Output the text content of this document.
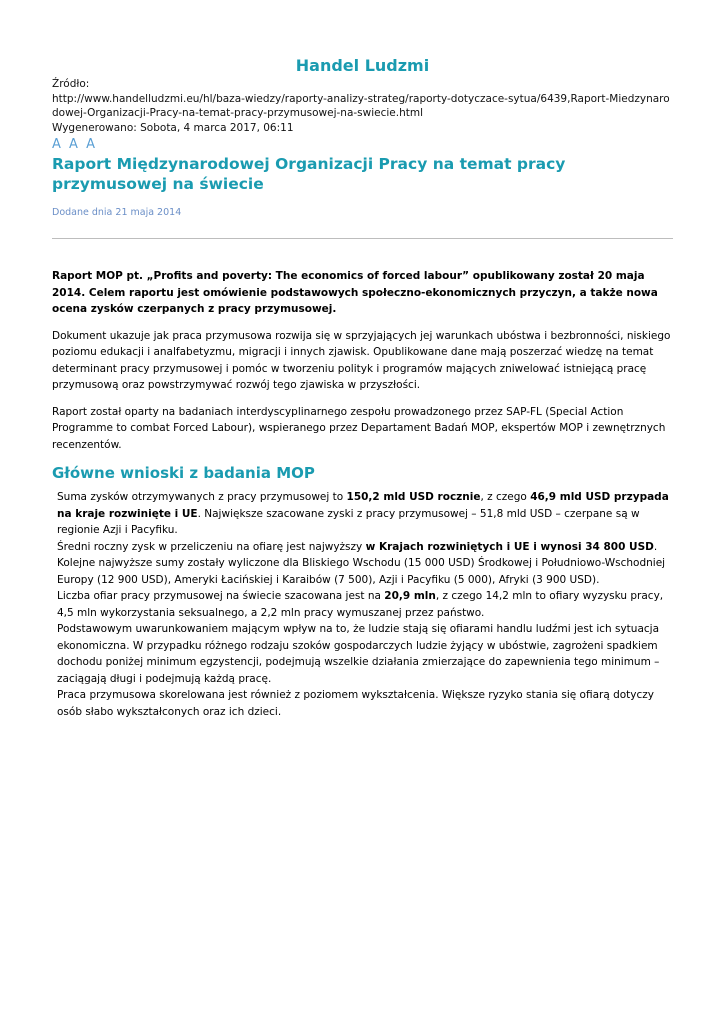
Handel Ludzmi
Źródło:
http://www.handelludzmi.eu/hl/baza-wiedzy/raporty-analizy-strateg/raporty-dotyczace-sytua/6439,Raport-Miedzynarodowej-Organizacji-Pracy-na-temat-pracy-przymusowej-na-swiecie.html
Wygenerowano: Sobota, 4 marca 2017, 06:11
A A A
Raport Międzynarodowej Organizacji Pracy na temat pracy przymusowej na świecie
Dodane dnia 21 maja 2014

Raport MOP pt. „Profits and poverty: The economics of forced labour” opublikowany został 20 maja 2014. Celem raportu jest omówienie podstawowych społeczno-ekonomicznych przyczyn, a także nowa ocena zysków czerpanych z pracy przymusowej.

Dokument ukazuje jak praca przymusowa rozwija się w sprzyjających jej warunkach ubóstwa i bezbronności, niskiego poziomu edukacji i analfabetyzmu, migracji i innych zjawisk. Opublikowane dane mają poszerzać wiedzę na temat determinant pracy przymusowej i pomóc w tworzeniu polityk i programów mających zniwelować istniejącą pracę przymusową oraz powstrzymywać rozwój tego zjawiska w przyszłości.

Raport został oparty na badaniach interdyscyplinarnego zespołu prowadzonego przez SAP-FL (Special Action Programme to combat Forced Labour), wspieranego przez Departament Badań MOP, ekspertów MOP i zewnętrznych recenzentów.

Główne wnioski z badania MOP

Suma zysków otrzymywanych z pracy przymusowej to 150,2 mld USD rocznie, z czego 46,9 mld USD przypada na kraje rozwinięte i UE. Największe szacowane zyski z pracy przymusowej – 51,8 mld USD – czerpane są w regionie Azji i Pacyfiku.

Średni roczny zysk w przeliczeniu na ofiarę jest najwyższy w Krajach rozwiniętych i UE i wynosi 34 800 USD. Kolejne najwyższe sumy zostały wyliczone dla Bliskiego Wschodu (15 000 USD) Środkowej i Południowo-Wschodniej Europy (12 900 USD), Ameryki Łacińskiej i Karaibów (7 500), Azji i Pacyfiku (5 000), Afryki (3 900 USD).

Liczba ofiar pracy przymusowej na świecie szacowana jest na 20,9 mln, z czego 14,2 mln to ofiary wyzysku pracy, 4,5 mln wykorzystania seksualnego, a 2,2 mln pracy wymuszanej przez państwo.

Podstawowym uwarunkowaniem mającym wpływ na to, że ludzie stają się ofiarami handlu ludźmi jest ich sytuacja ekonomiczna. W przypadku różnego rodzaju szoków gospodarczych ludzie żyjący w ubóstwie, zagrożeni spadkiem dochodu poniżej minimum egzystencji, podejmują wszelkie działania zmierzające do zapewnienia tego minimum – zaciągają długi i podejmują każdą pracę.

Praca przymusowa skorelowana jest również z poziomem wykształcenia. Większe ryzyko stania się ofiarą dotyczy osób słabo wykształconych oraz ich dzieci.
